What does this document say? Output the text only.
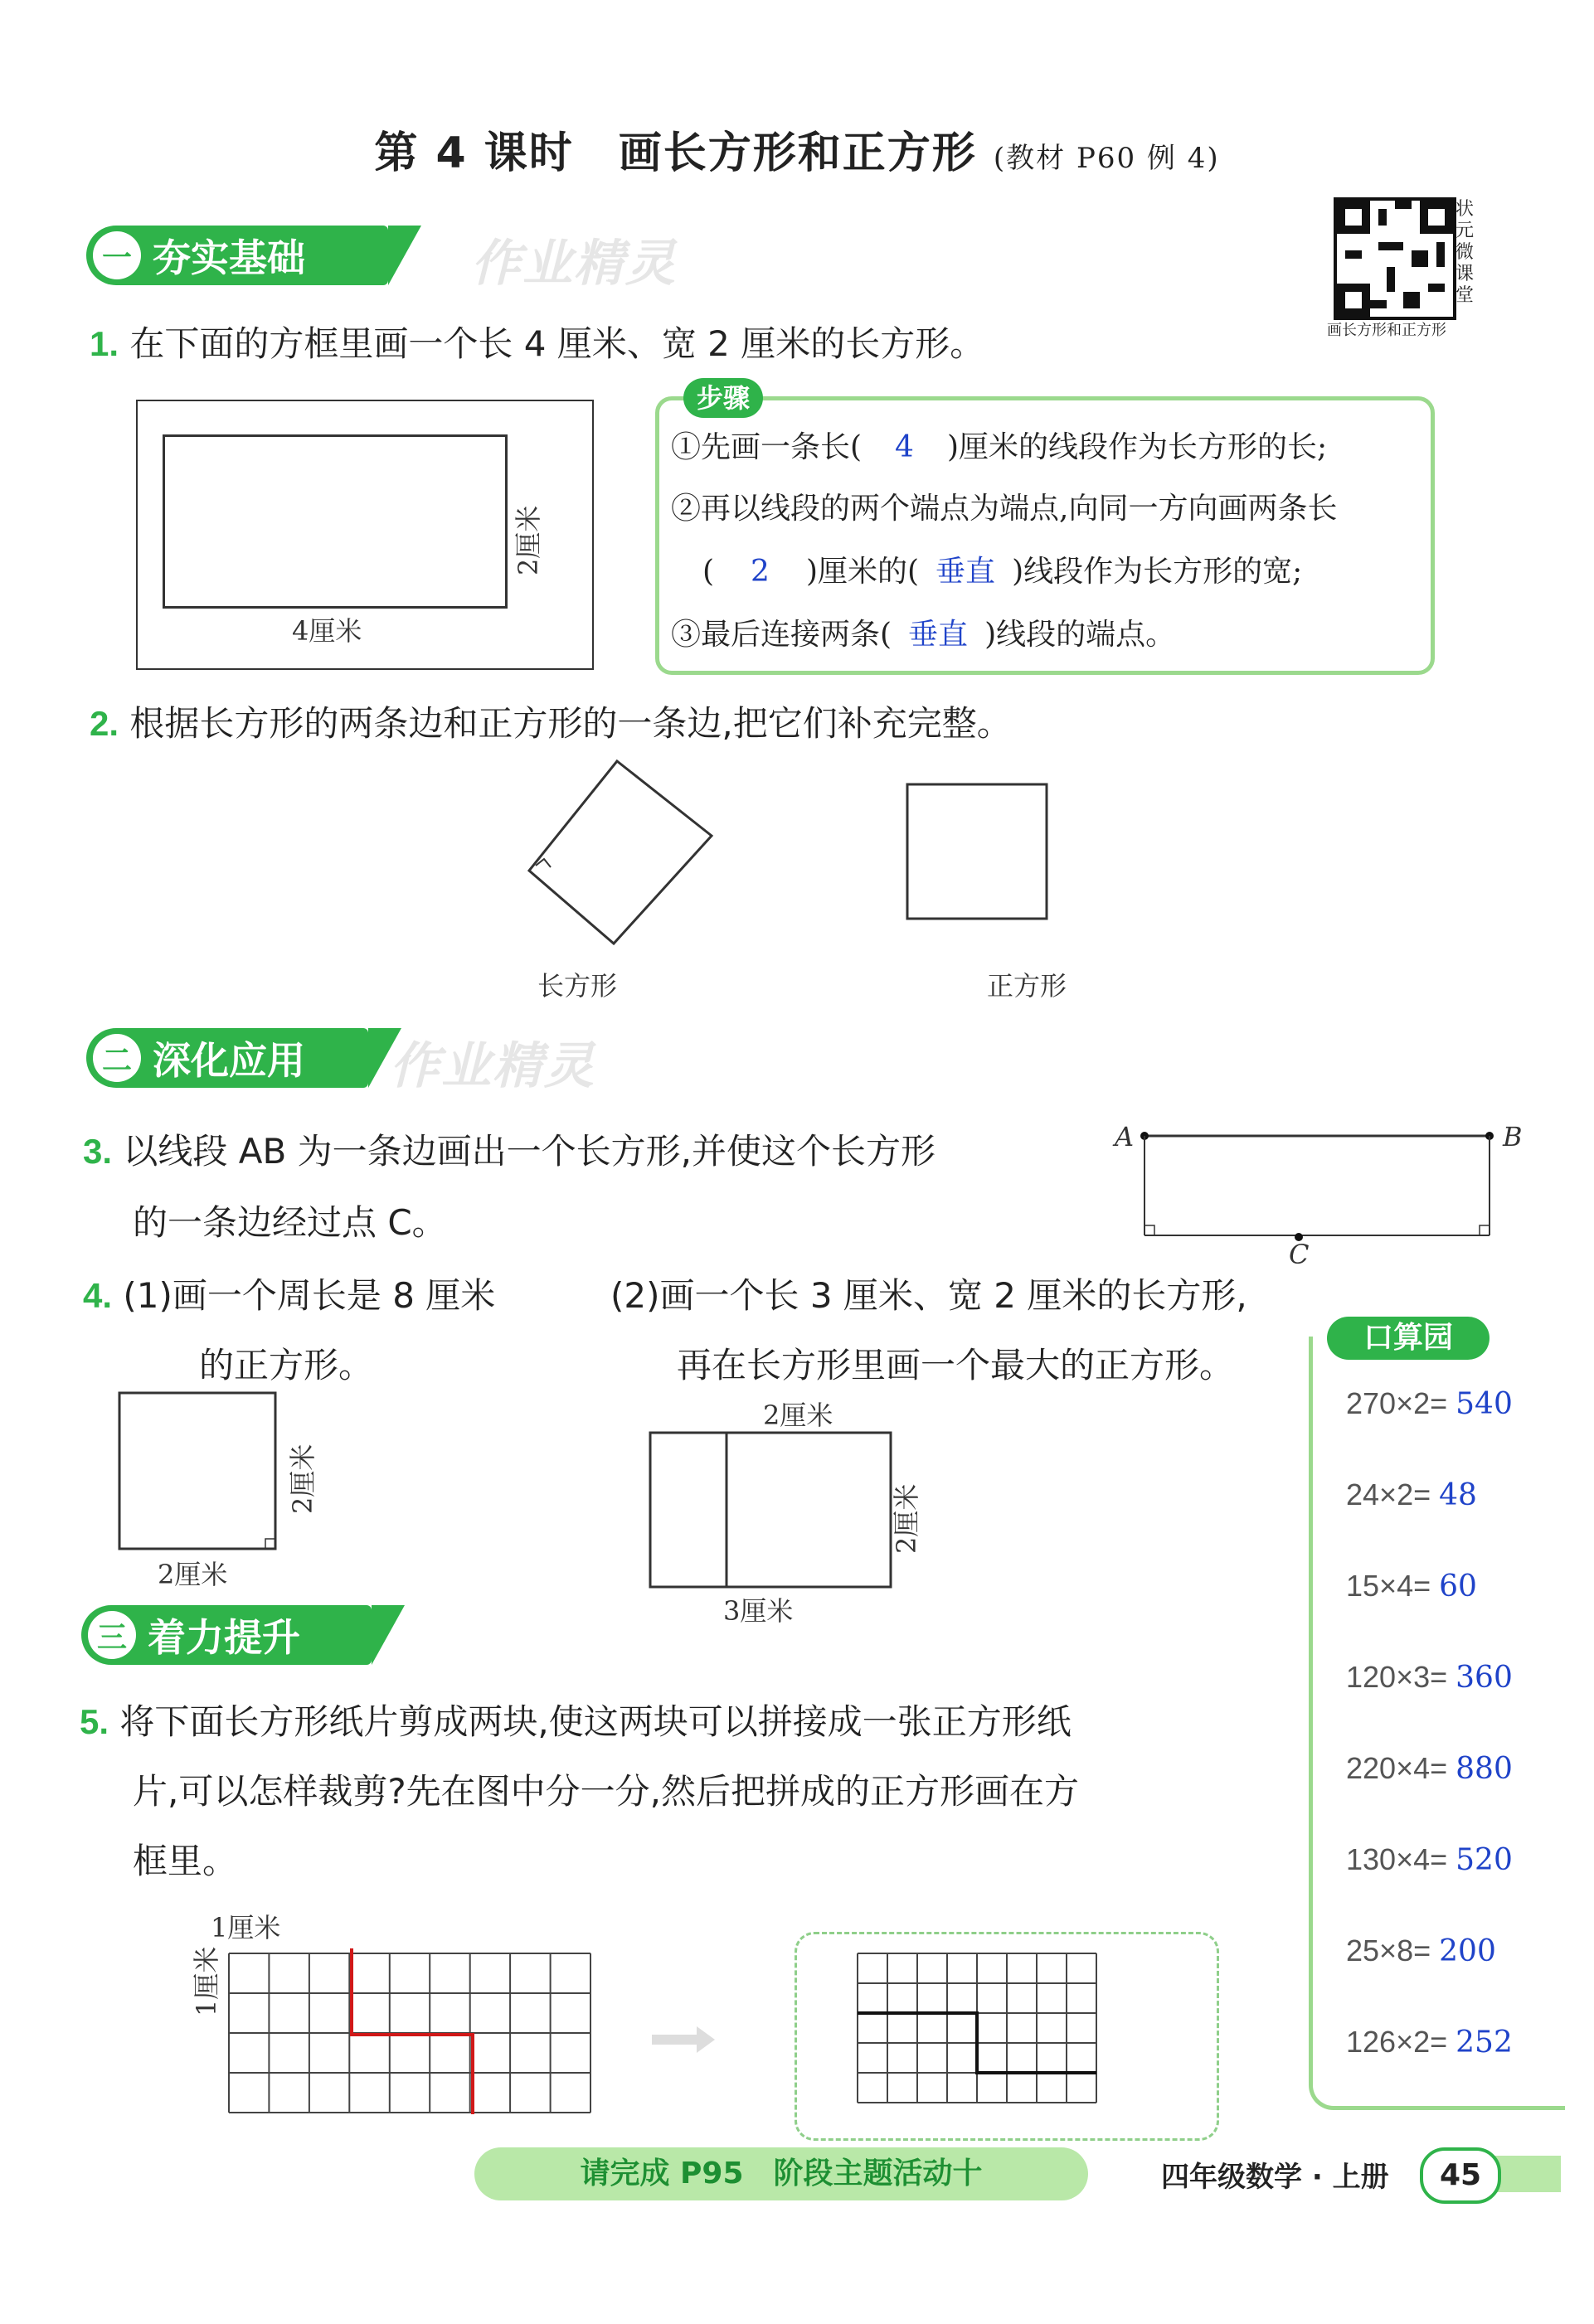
第 4 课时　画长方形和正方形 (教材 P60 例 4)
状元微课堂
画长方形和正方形
一 夯实基础	作业精灵
1. 在下面的方框里画一个长 4 厘米、宽 2 厘米的长方形。
4厘米
2厘米
①先画一条长( 4 )厘米的线段作为长方形的长;
②再以线段的两个端点为端点,向同一方向画两条长
( 2 )厘米的( 垂直 )线段作为长方形的宽;
③最后连接两条( 垂直 )线段的端点。
步骤
2. 根据长方形的两条边和正方形的一条边,把它们补充完整。
长方形	正方形
二 深化应用 作业精灵
3. 以线段 AB 为一条边画出一个长方形,并使这个长方形
的一条边经过点 C。
A	B
C
4. (1)画一个周长是 8 厘米
的正方形。
(2)画一个长 3 厘米、宽 2 厘米的长方形,
再在长方形里画一个最大的正方形。
2厘米
2厘米
2厘米
2厘米
3厘米
三 着力提升
5. 将下面长方形纸片剪成两块,使这两块可以拼接成一张正方形纸
片,可以怎样裁剪?先在图中分一分,然后把拼成的正方形画在方
框里。
1厘米
1厘米
270×2= 540
24×2= 48
15×4= 60
120×3= 360
220×4= 880
130×4= 520
25×8= 200
126×2= 252
口算园
请完成 P95　阶段主题活动十	四年级数学 · 上册	45
